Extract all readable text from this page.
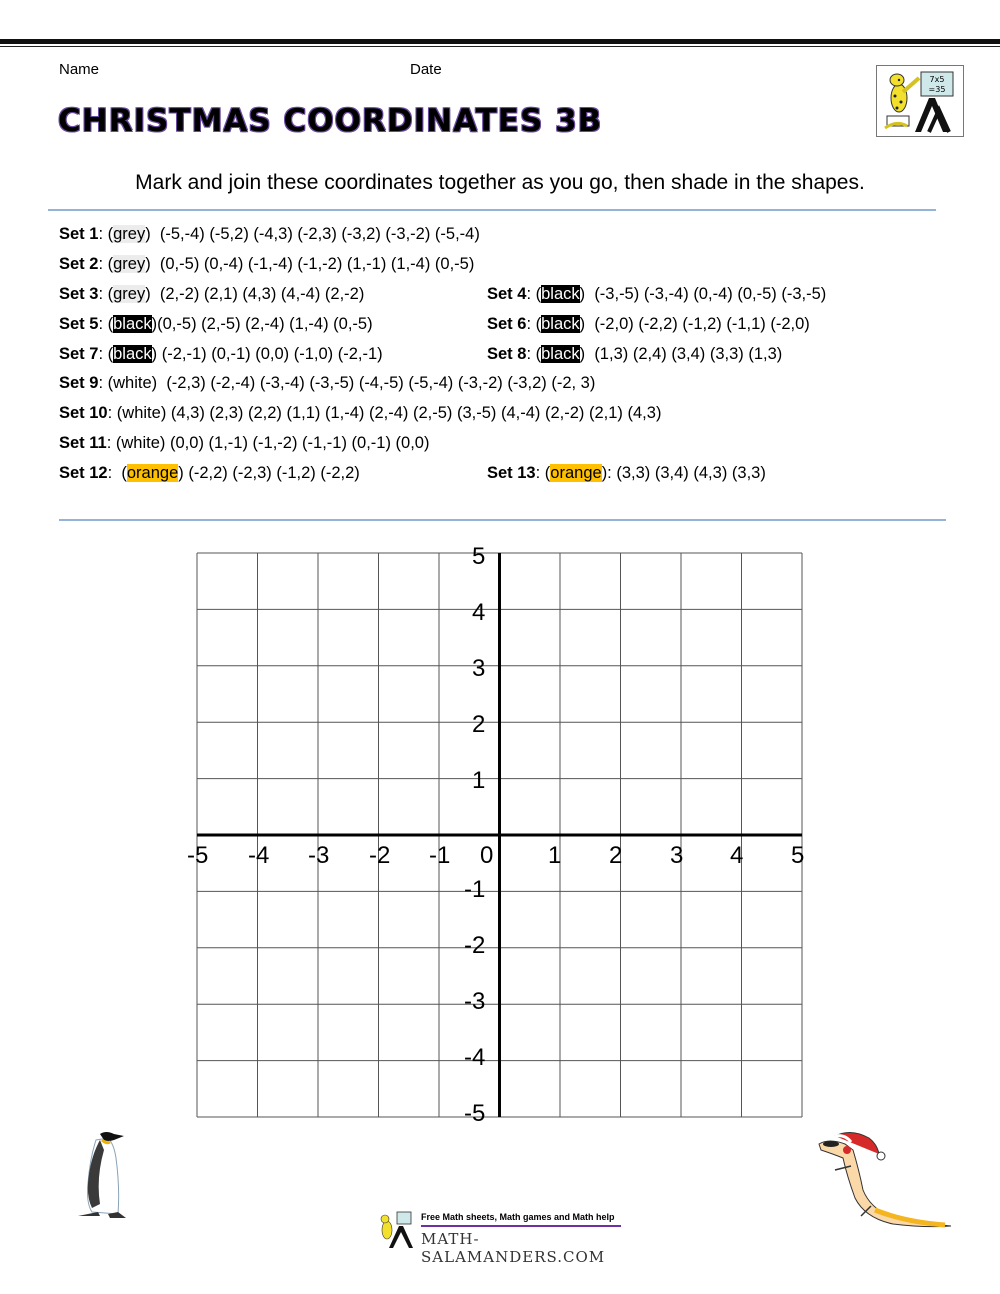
Name	Date
CHRISTMAS COORDINATES 3B
7x5
=35
Mark and join these coordinates together as you go, then shade in the shapes.
Set 1: (grey)  (-5,-4) (-5,2) (-4,3) (-2,3) (-3,2) (-3,-2) (-5,-4)
Set 2: (grey)  (0,-5) (0,-4) (-1,-4) (-1,-2) (1,-1) (1,-4) (0,-5)
Set 3: (grey)  (2,-2) (2,1) (4,3) (4,-4) (2,-2)	Set 4: (black)  (-3,-5) (-3,-4) (0,-4) (0,-5) (-3,-5)
Set 5: (black)(0,-5) (2,-5) (2,-4) (1,-4) (0,-5)	Set 6: (black)  (-2,0) (-2,2) (-1,2) (-1,1) (-2,0)
Set 7: (black) (-2,-1) (0,-1) (0,0) (-1,0) (-2,-1)	Set 8: (black)  (1,3) (2,4) (3,4) (3,3) (1,3)
Set 9: (white)  (-2,3) (-2,-4) (-3,-4) (-3,-5) (-4,-5) (-5,-4) (-3,-2) (-3,2) (-2, 3)
Set 10: (white) (4,3) (2,3) (2,2) (1,1) (1,-4) (2,-4) (2,-5) (3,-5) (4,-4) (2,-2) (2,1) (4,3)
Set 11: (white) (0,0) (1,-1) (-1,-2) (-1,-1) (0,-1) (0,0)
Set 12:  (orange) (-2,2) (-2,3) (-1,2) (-2,2)	Set 13: (orange): (3,3) (3,4) (4,3) (3,3)
-5 -4 -3 -2 -1 0 1 2 3 4 5
5
4
3
2
1
-1
-2
-3
-4
-5
Free Math sheets, Math games and Math help
MATH-SALAMANDERS.COM
